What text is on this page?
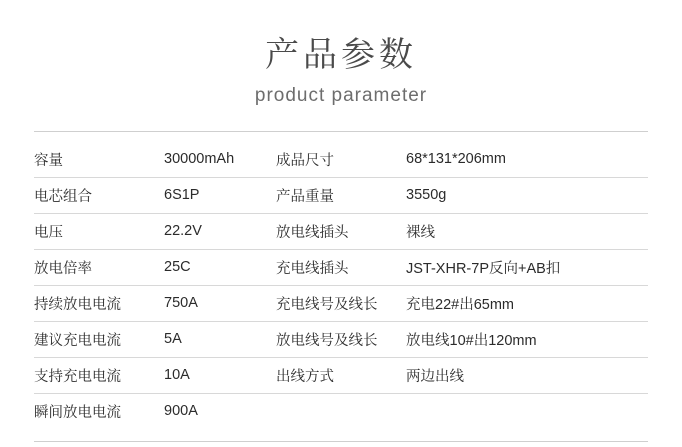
产品参数
product parameter
容量	30000mAh	成品尺寸	68*131*206mm
电芯组合	6S1P	产品重量	3550g
电压	22.2V	放电线插头	裸线
放电倍率	25C	充电线插头	JST-XHR-7P反向+AB扣
持续放电电流	750A	充电线号及线长	充电22#出65mm
建议充电电流	5A	放电线号及线长	放电线10#出120mm
支持充电电流	10A	出线方式	两边出线
瞬间放电电流	900A		
